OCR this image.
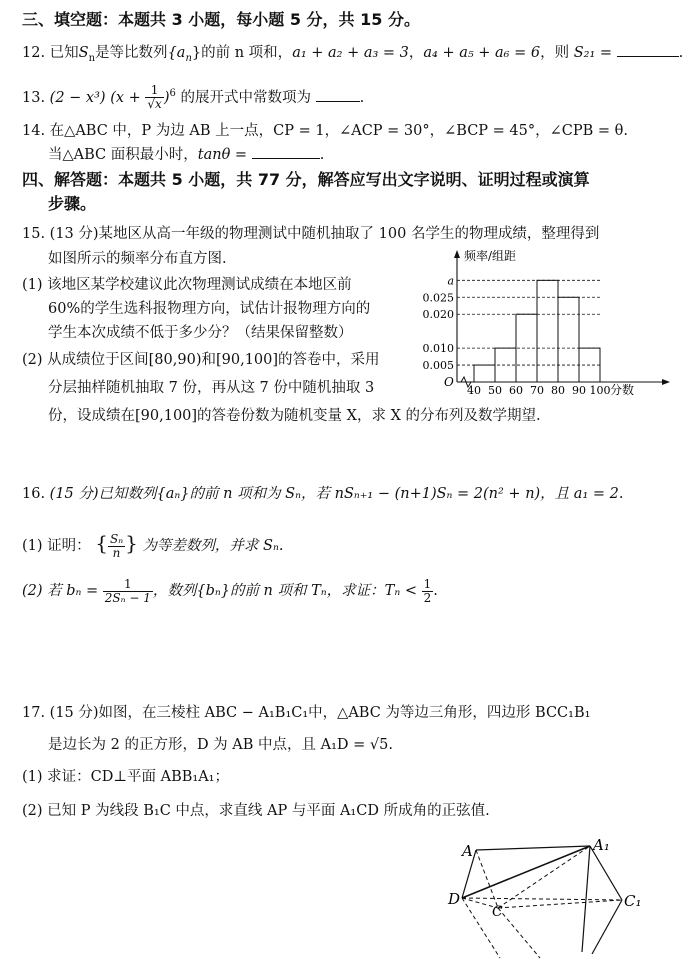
三、填空题：本题共 3 小题，每小题 5 分，共 15 分。
12. 已知$S_n$是等比数列$\{a_n\}$的前 n 项和，a₁ + a₂ + a₃ = 3，a₄ + a₅ + a₆ = 6，则 S₂₁ =	.
13. (2 − x³) $(x + \frac{1}{√x} )^6$ 的展开式中常数项为	.
14. 在△ABC 中，P 为边 AB 上一点，CP = 1，∠ACP = 30°，∠BCP = 45°，∠CPB = θ.
当△ABC 面积最小时，tanθ =	.
四、解答题：本题共 5 小题，共 77 分，解答应写出文字说明、证明过程或演算
步骤。
15. (13 分)某地区从高一年级的物理测试中随机抽取了 100 名学生的物理成绩，整理得到
如图所示的频率分布直方图.
(1) 该地区某学校建议此次物理测试成绩在本地区前
60%的学生选科报物理方向，试估计报物理方向的
学生本次成绩不低于多少分？（结果保留整数）
(2) 从成绩位于区间[80,90)和[90,100]的答卷中，采用
分层抽样随机抽取 7 份，再从这 7 份中随机抽取 3
份，设成绩在[90,100]的答卷份数为随机变量 X，求 X 的分布列及数学期望.
O
频率/组距
分数
0.005
0.010
0.020
0.025
a
40 50 60 70 80 90 100
16. (15 分)已知数列{aₙ}的前 n 项和为 Sₙ，若 nSₙ₊₁ − (n+1)Sₙ = 2(n² + n)，且 a₁ = 2.
(1) 证明： { $\frac{\text{Sₙ}}{n}$ } 为等差数列，并求 Sₙ.
(2) 若 $b_n = \frac{1}{\text{2Sₙ − 1}}$ ，数列{bₙ}的前 n 项和 Tₙ，求证：$T_n < \frac{1}{2}$ .
17. (15 分)如图，在三棱柱 ABC − A₁B₁C₁中，△ABC 为等边三角形，四边形 BCC₁B₁
是边长为 2 的正方形，D 为 AB 中点，且 A₁D = √5.
(1) 求证：CD⊥平面 ABB₁A₁；
(2) 已知 P 为线段 B₁C 中点，求直线 AP 与平面 A₁CD 所成角的正弦值.
A	A₁
D
C
C₁
